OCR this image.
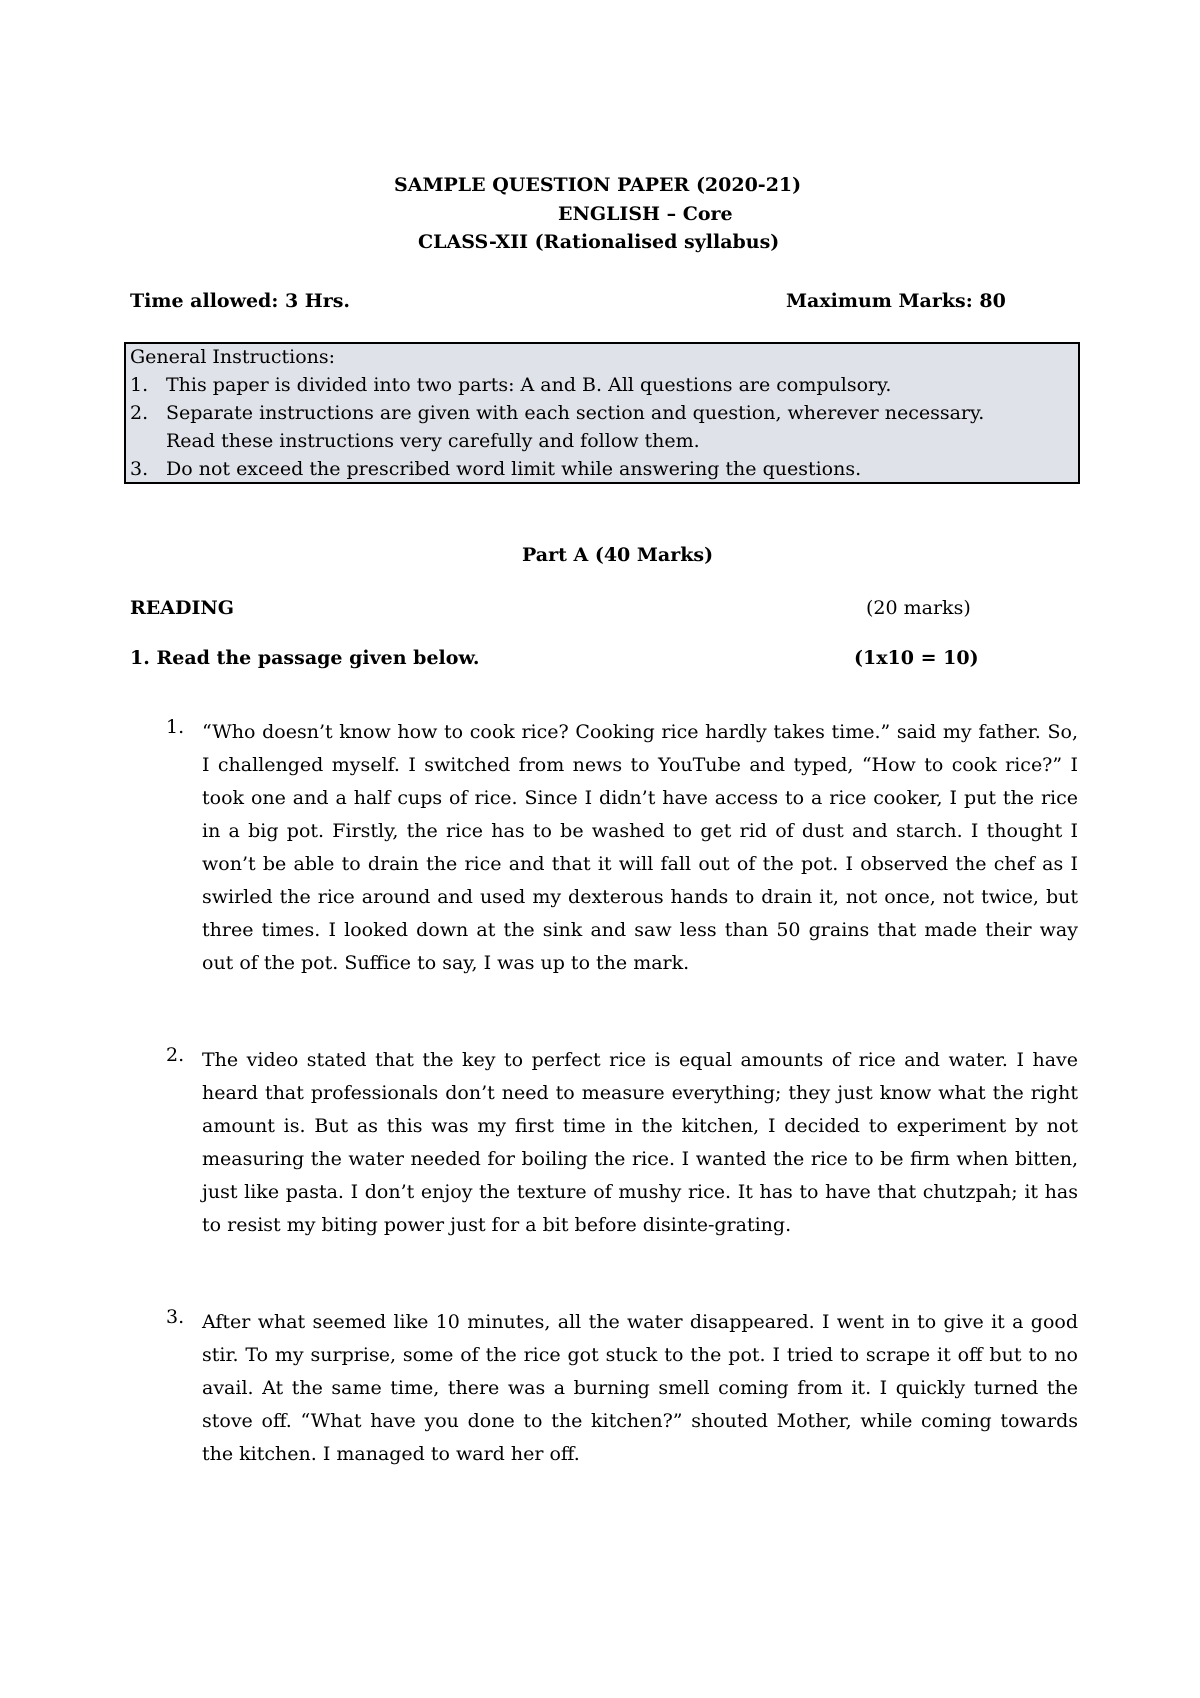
SAMPLE QUESTION PAPER (2020-21)
ENGLISH – Core
CLASS-XII (Rationalised syllabus)
Time allowed: 3 Hrs.	Maximum Marks: 80
General Instructions:
1. This paper is divided into two parts: A and B. All questions are compulsory.
2. Separate instructions are given with each section and question, wherever necessary.
Read these instructions very carefully and follow them.
3. Do not exceed the prescribed word limit while answering the questions.
Part A (40 Marks)
READING	(20 marks)
1. Read the passage given below.	(1x10 = 10)
1. “Who doesn’t know how to cook rice? Cooking rice hardly takes time.” said my father. So, I challenged myself. I switched from news to YouTube and typed, “How to cook rice?” I took one and a half cups of rice. Since I didn’t have access to a rice cooker, I put the rice in a big pot. Firstly, the rice has to be washed to get rid of dust and starch. I thought I won’t be able to drain the rice and that it will fall out of the pot. I observed the chef as I swirled the rice around and used my dexterous hands to drain it, not once, not twice, but three times. I looked down at the sink and saw less than 50 grains that made their way out of the pot. Suffice to say, I was up to the mark.
2. The video stated that the key to perfect rice is equal amounts of rice and water. I have heard that professionals don’t need to measure everything; they just know what the right amount is. But as this was my first time in the kitchen, I decided to experiment by not measuring the water needed for boiling the rice. I wanted the rice to be firm when bitten, just like pasta. I don’t enjoy the texture of mushy rice. It has to have that chutzpah; it has to resist my biting power just for a bit before disinte-grating.
3. After what seemed like 10 minutes, all the water disappeared. I went in to give it a good stir. To my surprise, some of the rice got stuck to the pot. I tried to scrape it off but to no avail. At the same time, there was a burning smell coming from it. I quickly turned the stove off. “What have you done to the kitchen?” shouted Mother, while coming towards the kitchen. I managed to ward her off.
